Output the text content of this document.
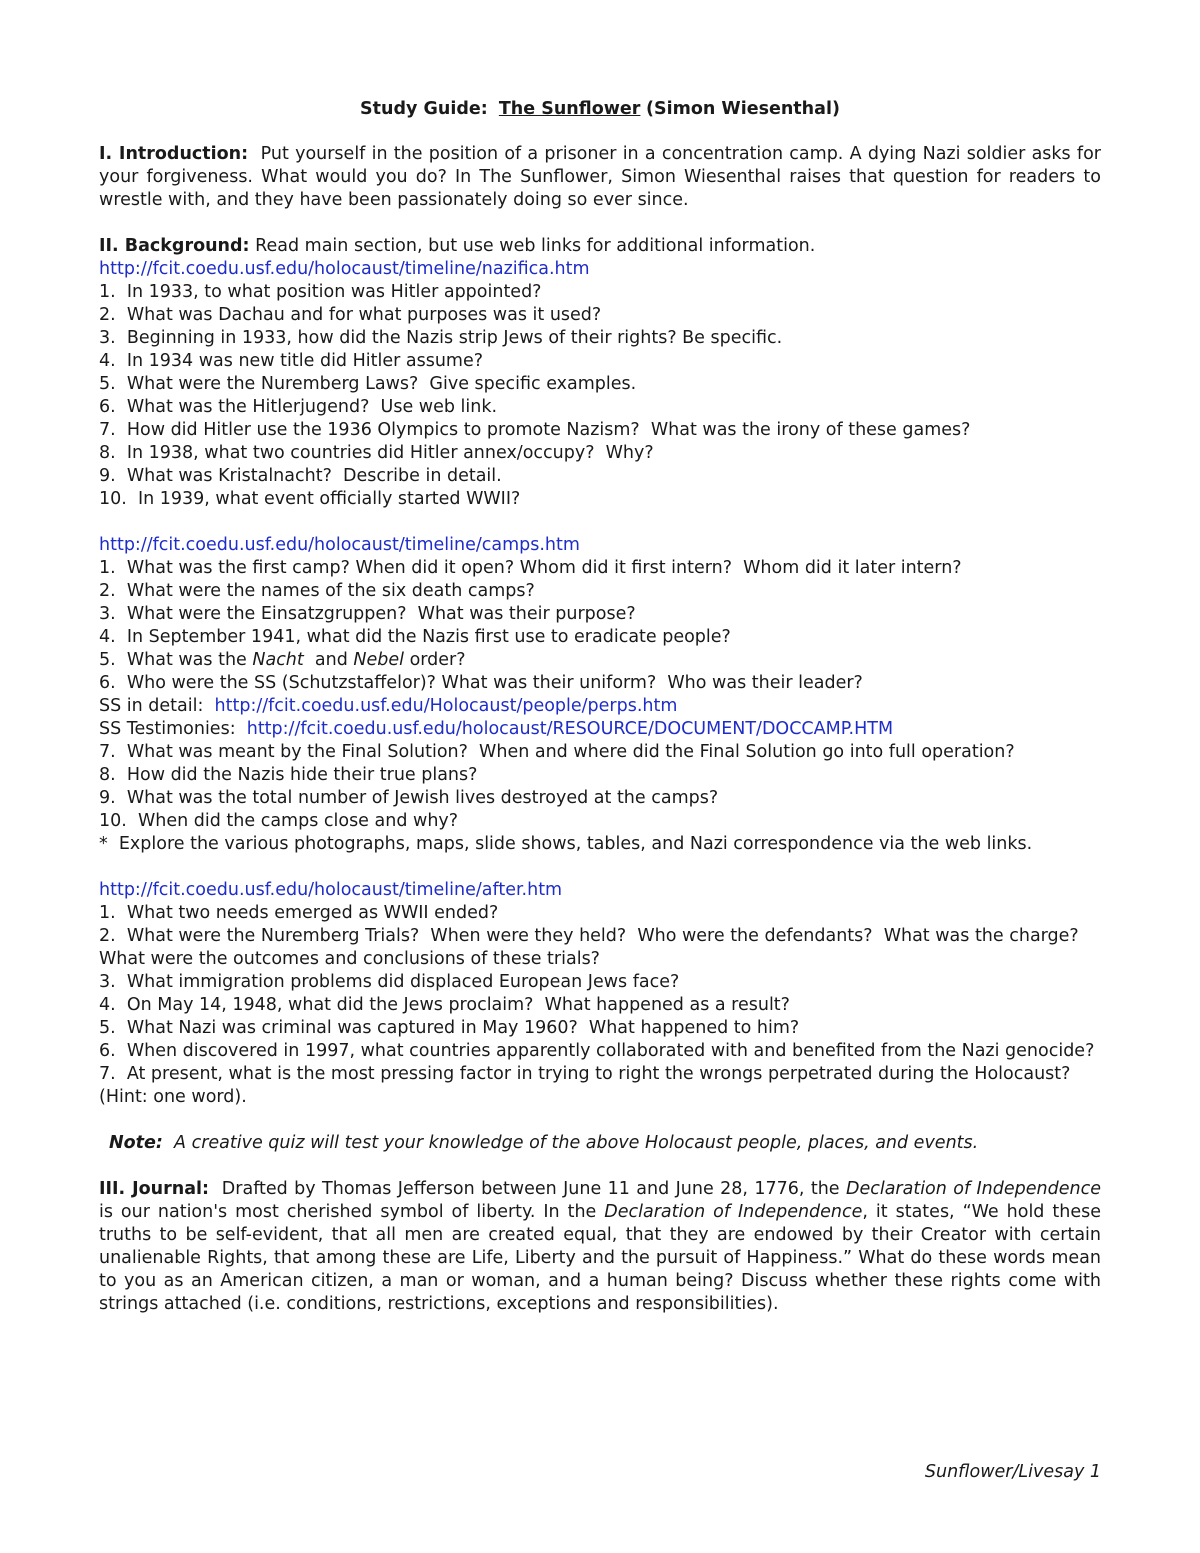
Study Guide: The Sunflower (Simon Wiesenthal)

I. Introduction: Put yourself in the position of a prisoner in a concentration camp. A dying Nazi soldier asks for your forgiveness. What would you do? In The Sunflower, Simon Wiesenthal raises that question for readers to wrestle with, and they have been passionately doing so ever since.

II. Background: Read main section, but use web links for additional information.

http://fcit.coedu.usf.edu/holocaust/timeline/nazifica.htm

1.  In 1933, to what position was Hitler appointed?

2.  What was Dachau and for what purposes was it used?

3.  Beginning in 1933, how did the Nazis strip Jews of their rights? Be specific.

4.  In 1934 was new title did Hitler assume?

5.  What were the Nuremberg Laws?  Give specific examples.

6.  What was the Hitlerjugend?  Use web link.

7.  How did Hitler use the 1936 Olympics to promote Nazism?  What was the irony of these games?

8.  In 1938, what two countries did Hitler annex/occupy?  Why?

9.  What was Kristalnacht?  Describe in detail.

10.  In 1939, what event officially started WWII?

http://fcit.coedu.usf.edu/holocaust/timeline/camps.htm

1.  What was the first camp? When did it open? Whom did it first intern?  Whom did it later intern?

2.  What were the names of the six death camps?

3.  What were the Einsatzgruppen?  What was their purpose?

4.  In September 1941, what did the Nazis first use to eradicate people?

5.  What was the Nacht  and Nebel order?

6.  Who were the SS (Schutzstaffelor)? What was their uniform?  Who was their leader?

SS in detail: http://fcit.coedu.usf.edu/Holocaust/people/perps.htm

SS Testimonies: http://fcit.coedu.usf.edu/holocaust/RESOURCE/DOCUMENT/DOCCAMP.HTM

7.  What was meant by the Final Solution?  When and where did the Final Solution go into full operation?

8.  How did the Nazis hide their true plans?

9.  What was the total number of Jewish lives destroyed at the camps?

10.  When did the camps close and why?

*  Explore the various photographs, maps, slide shows, tables, and Nazi correspondence via the web links.

http://fcit.coedu.usf.edu/holocaust/timeline/after.htm

1.  What two needs emerged as WWII ended?

2.  What were the Nuremberg Trials?  When were they held?  Who were the defendants?  What was the charge?  What were the outcomes and conclusions of these trials?

3.  What immigration problems did displaced European Jews face?

4.  On May 14, 1948, what did the Jews proclaim?  What happened as a result?

5.  What Nazi was criminal was captured in May 1960?  What happened to him?

6.  When discovered in 1997, what countries apparently collaborated with and benefited from the Nazi genocide?

7.  At present, what is the most pressing factor in trying to right the wrongs perpetrated during the Holocaust?  (Hint: one word).

Note: A creative quiz will test your knowledge of the above Holocaust people, places, and events.

III. Journal: Drafted by Thomas Jefferson between June 11 and June 28, 1776, the Declaration of Independence is our nation's most cherished symbol of liberty. In the Declaration of Independence, it states, “We hold these truths to be self-evident, that all men are created equal, that they are endowed by their Creator with certain unalienable Rights, that among these are Life, Liberty and the pursuit of Happiness.” What do these words mean to you as an American citizen, a man or woman, and a human being? Discuss whether these rights come with strings attached (i.e. conditions, restrictions, exceptions and responsibilities).

Sunflower/Livesay 1
